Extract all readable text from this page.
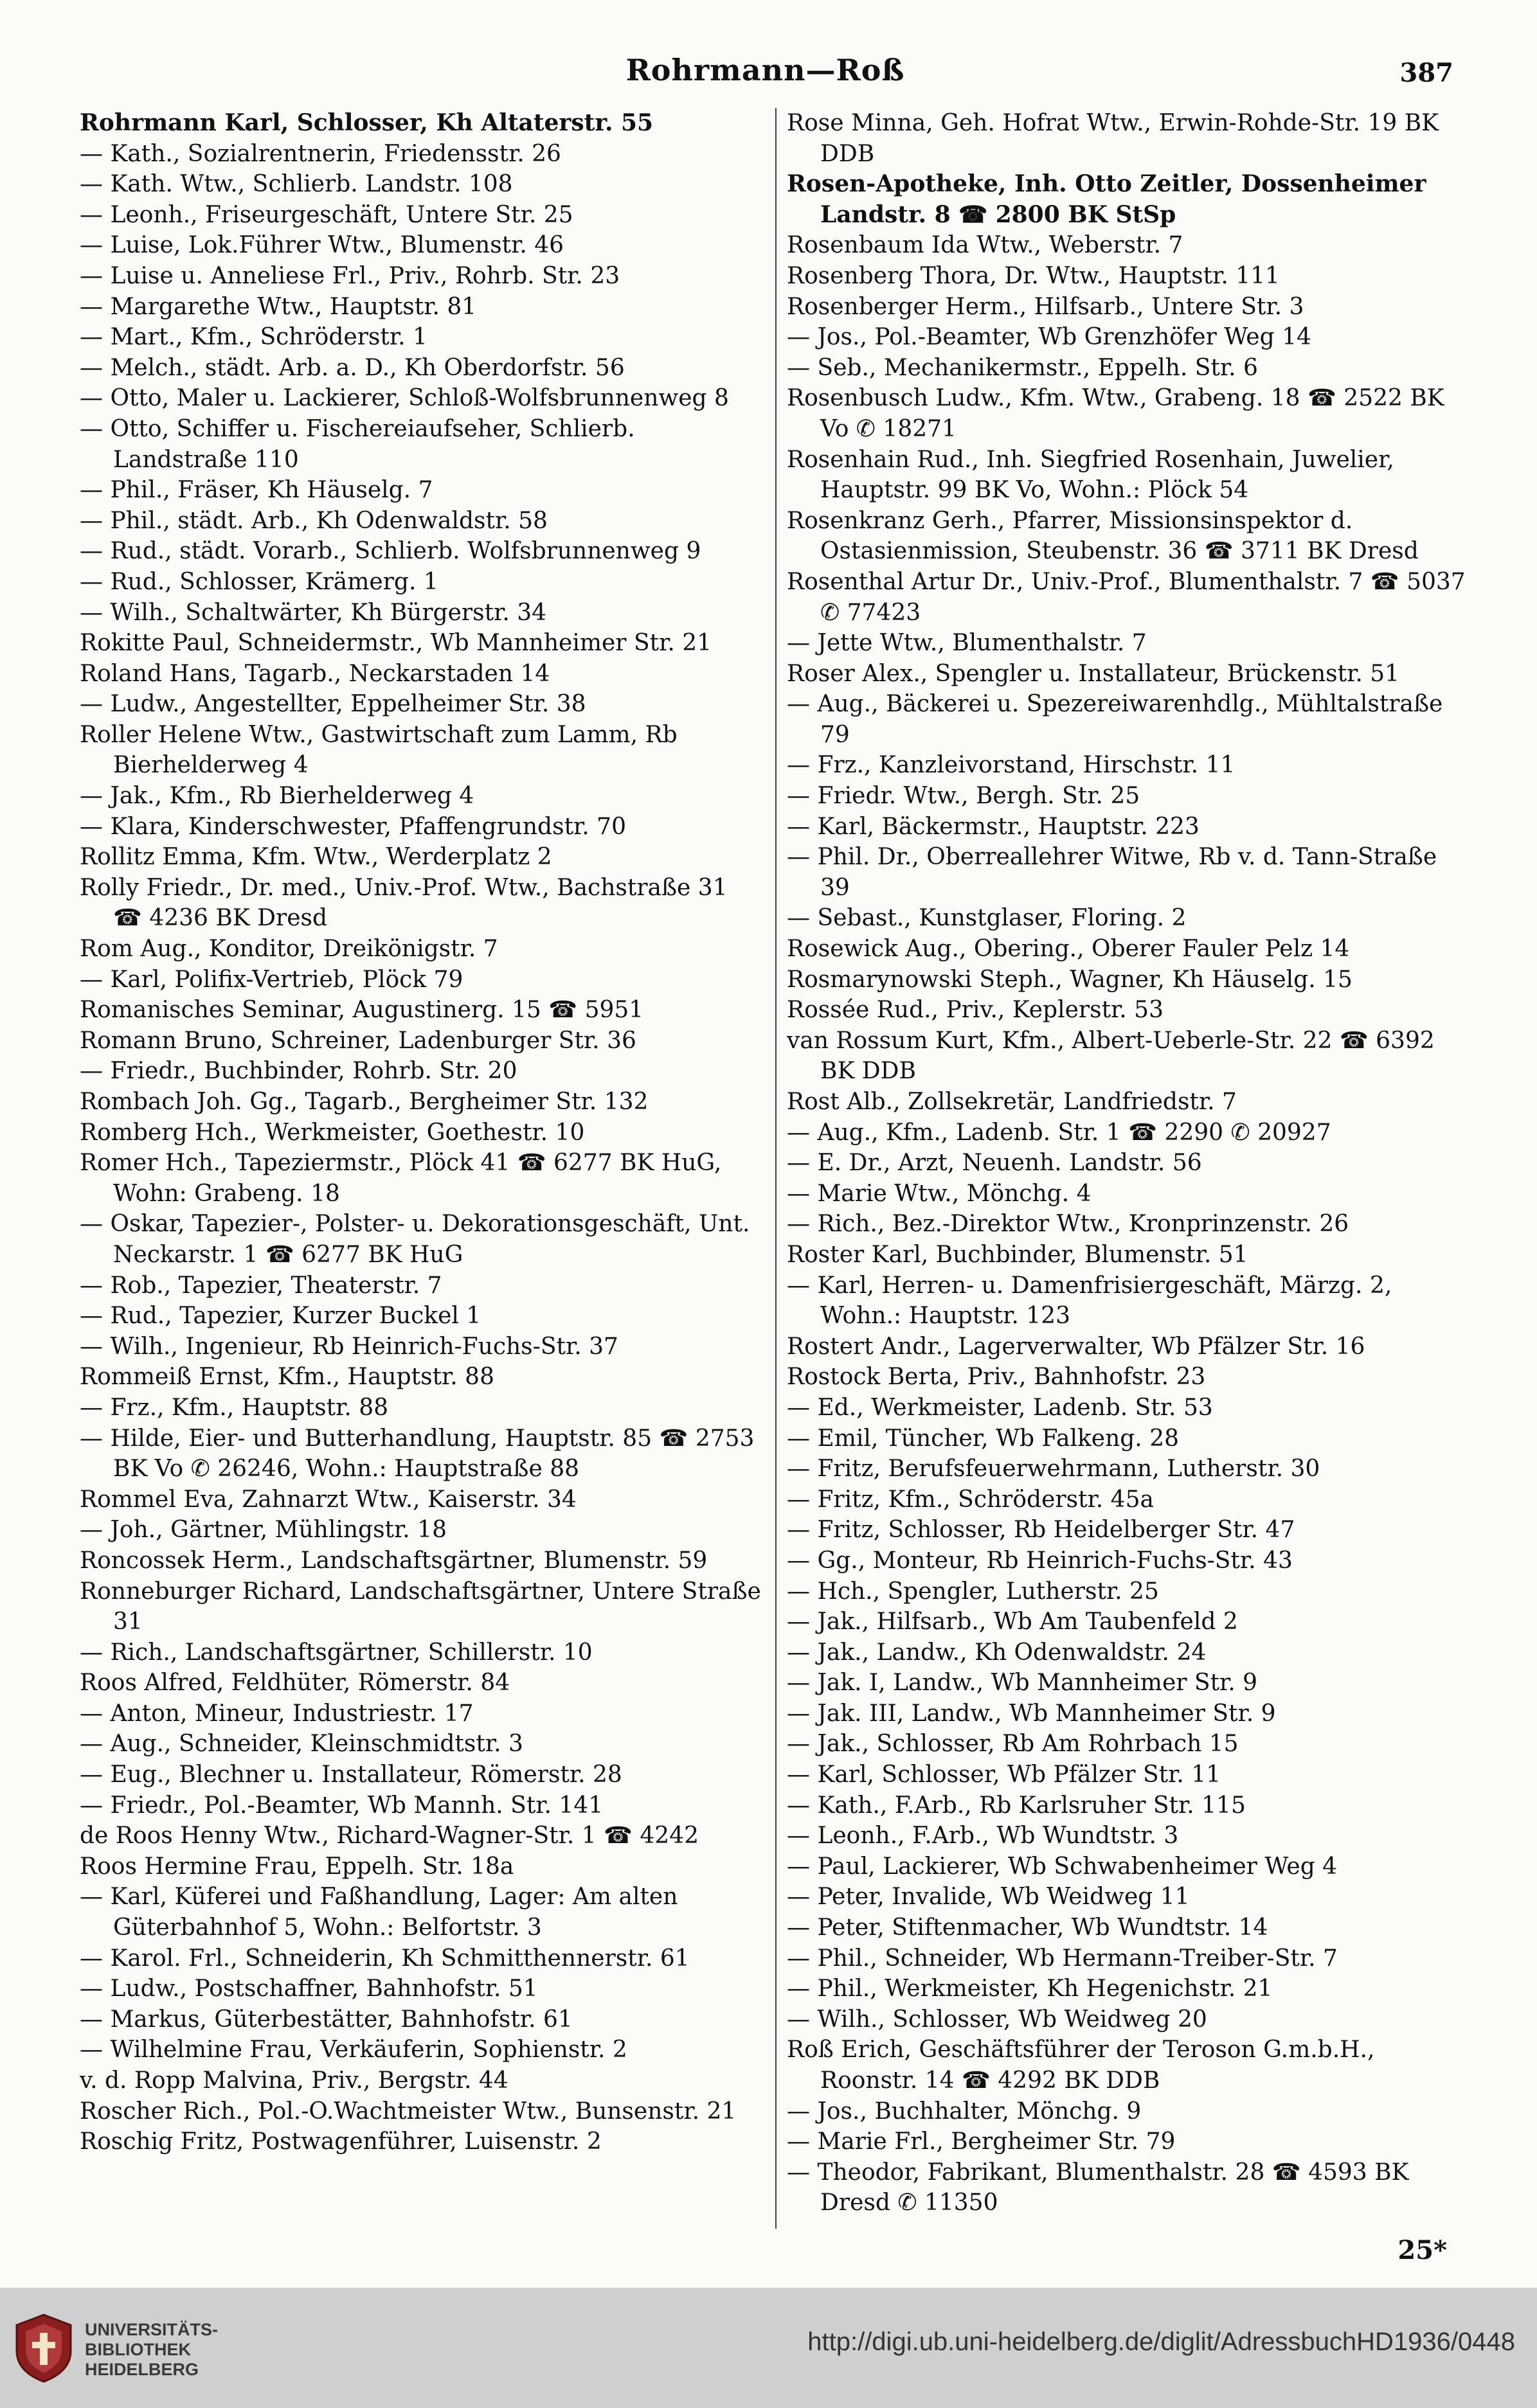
Rohrmann—Roß	387

Rohrmann Karl, Schlosser, Kh Altaterstr. 55

— Kath., Sozialrentnerin, Friedensstr. 26

— Kath. Wtw., Schlierb. Landstr. 108

— Leonh., Friseurgeschäft, Untere Str. 25

— Luise, Lok.Führer Wtw., Blumenstr. 46

— Luise u. Anneliese Frl., Priv., Rohrb. Str. 23

— Margarethe Wtw., Hauptstr. 81

— Mart., Kfm., Schröderstr. 1

— Melch., städt. Arb. a. D., Kh Oberdorfstr. 56

— Otto, Maler u. Lackierer, Schloß-Wolfsbrunnenweg 8

— Otto, Schiffer u. Fischereiaufseher, Schlierb. Landstraße 110

— Phil., Fräser, Kh Häuselg. 7

— Phil., städt. Arb., Kh Odenwaldstr. 58

— Rud., städt. Vorarb., Schlierb. Wolfsbrunnenweg 9

— Rud., Schlosser, Krämerg. 1

— Wilh., Schaltwärter, Kh Bürgerstr. 34

Rokitte Paul, Schneidermstr., Wb Mannheimer Str. 21

Roland Hans, Tagarb., Neckarstaden 14

— Ludw., Angestellter, Eppelheimer Str. 38

Roller Helene Wtw., Gastwirtschaft zum Lamm, Rb Bierhelderweg 4

— Jak., Kfm., Rb Bierhelderweg 4

— Klara, Kinderschwester, Pfaffengrundstr. 70

Rollitz Emma, Kfm. Wtw., Werderplatz 2

Rolly Friedr., Dr. med., Univ.-Prof. Wtw., Bachstraße 31 ☎ 4236 BK Dresd

Rom Aug., Konditor, Dreikönigstr. 7

— Karl, Polifix-Vertrieb, Plöck 79

Romanisches Seminar, Augustinerg. 15 ☎ 5951

Romann Bruno, Schreiner, Ladenburger Str. 36

— Friedr., Buchbinder, Rohrb. Str. 20

Rombach Joh. Gg., Tagarb., Bergheimer Str. 132

Romberg Hch., Werkmeister, Goethestr. 10

Romer Hch., Tapeziermstr., Plöck 41 ☎ 6277 BK HuG, Wohn: Grabeng. 18

— Oskar, Tapezier-, Polster- u. Dekorationsgeschäft, Unt. Neckarstr. 1 ☎ 6277 BK HuG

— Rob., Tapezier, Theaterstr. 7

— Rud., Tapezier, Kurzer Buckel 1

— Wilh., Ingenieur, Rb Heinrich-Fuchs-Str. 37

Rommeiß Ernst, Kfm., Hauptstr. 88

— Frz., Kfm., Hauptstr. 88

— Hilde, Eier- und Butterhandlung, Hauptstr. 85 ☎ 2753 BK Vo ✆ 26246, Wohn.: Hauptstraße 88

Rommel Eva, Zahnarzt Wtw., Kaiserstr. 34

— Joh., Gärtner, Mühlingstr. 18

Roncossek Herm., Landschaftsgärtner, Blumenstr. 59

Ronneburger Richard, Landschaftsgärtner, Untere Straße 31

— Rich., Landschaftsgärtner, Schillerstr. 10

Roos Alfred, Feldhüter, Römerstr. 84

— Anton, Mineur, Industriestr. 17

— Aug., Schneider, Kleinschmidtstr. 3

— Eug., Blechner u. Installateur, Römerstr. 28

— Friedr., Pol.-Beamter, Wb Mannh. Str. 141

de Roos Henny Wtw., Richard-Wagner-Str. 1 ☎ 4242

Roos Hermine Frau, Eppelh. Str. 18a

— Karl, Küferei und Faßhandlung, Lager: Am alten Güterbahnhof 5, Wohn.: Belfortstr. 3

— Karol. Frl., Schneiderin, Kh Schmitthennerstr. 61

— Ludw., Postschaffner, Bahnhofstr. 51

— Markus, Güterbestätter, Bahnhofstr. 61

— Wilhelmine Frau, Verkäuferin, Sophienstr. 2

v. d. Ropp Malvina, Priv., Bergstr. 44

Roscher Rich., Pol.-O.Wachtmeister Wtw., Bunsenstr. 21

Roschig Fritz, Postwagenführer, Luisenstr. 2

Rose Minna, Geh. Hofrat Wtw., Erwin-Rohde-Str. 19 BK DDB

Rosen-Apotheke, Inh. Otto Zeitler, Dossenheimer Landstr. 8 ☎ 2800 BK StSp

Rosenbaum Ida Wtw., Weberstr. 7

Rosenberg Thora, Dr. Wtw., Hauptstr. 111

Rosenberger Herm., Hilfsarb., Untere Str. 3

— Jos., Pol.-Beamter, Wb Grenzhöfer Weg 14

— Seb., Mechanikermstr., Eppelh. Str. 6

Rosenbusch Ludw., Kfm. Wtw., Grabeng. 18 ☎ 2522 BK Vo ✆ 18271

Rosenhain Rud., Inh. Siegfried Rosenhain, Juwelier, Hauptstr. 99 BK Vo, Wohn.: Plöck 54

Rosenkranz Gerh., Pfarrer, Missionsinspektor d. Ostasienmission, Steubenstr. 36 ☎ 3711 BK Dresd

Rosenthal Artur Dr., Univ.-Prof., Blumenthalstr. 7 ☎ 5037 ✆ 77423

— Jette Wtw., Blumenthalstr. 7

Roser Alex., Spengler u. Installateur, Brückenstr. 51

— Aug., Bäckerei u. Spezereiwarenhdlg., Mühltalstraße 79

— Frz., Kanzleivorstand, Hirschstr. 11

— Friedr. Wtw., Bergh. Str. 25

— Karl, Bäckermstr., Hauptstr. 223

— Phil. Dr., Oberreallehrer Witwe, Rb v. d. Tann-Straße 39

— Sebast., Kunstglaser, Floring. 2

Rosewick Aug., Obering., Oberer Fauler Pelz 14

Rosmarynowski Steph., Wagner, Kh Häuselg. 15

Rossée Rud., Priv., Keplerstr. 53

van Rossum Kurt, Kfm., Albert-Ueberle-Str. 22 ☎ 6392 BK DDB

Rost Alb., Zollsekretär, Landfriedstr. 7

— Aug., Kfm., Ladenb. Str. 1 ☎ 2290 ✆ 20927

— E. Dr., Arzt, Neuenh. Landstr. 56

— Marie Wtw., Mönchg. 4

— Rich., Bez.-Direktor Wtw., Kronprinzenstr. 26

Roster Karl, Buchbinder, Blumenstr. 51

— Karl, Herren- u. Damenfrisiergeschäft, Märzg. 2, Wohn.: Hauptstr. 123

Rostert Andr., Lagerverwalter, Wb Pfälzer Str. 16

Rostock Berta, Priv., Bahnhofstr. 23

— Ed., Werkmeister, Ladenb. Str. 53

— Emil, Tüncher, Wb Falkeng. 28

— Fritz, Berufsfeuerwehrmann, Lutherstr. 30

— Fritz, Kfm., Schröderstr. 45a

— Fritz, Schlosser, Rb Heidelberger Str. 47

— Gg., Monteur, Rb Heinrich-Fuchs-Str. 43

— Hch., Spengler, Lutherstr. 25

— Jak., Hilfsarb., Wb Am Taubenfeld 2

— Jak., Landw., Kh Odenwaldstr. 24

— Jak. I, Landw., Wb Mannheimer Str. 9

— Jak. III, Landw., Wb Mannheimer Str. 9

— Jak., Schlosser, Rb Am Rohrbach 15

— Karl, Schlosser, Wb Pfälzer Str. 11

— Kath., F.Arb., Rb Karlsruher Str. 115

— Leonh., F.Arb., Wb Wundtstr. 3

— Paul, Lackierer, Wb Schwabenheimer Weg 4

— Peter, Invalide, Wb Weidweg 11

— Peter, Stiftenmacher, Wb Wundtstr. 14

— Phil., Schneider, Wb Hermann-Treiber-Str. 7

— Phil., Werkmeister, Kh Hegenichstr. 21

— Wilh., Schlosser, Wb Weidweg 20

Roß Erich, Geschäftsführer der Teroson G.m.b.H., Roonstr. 14 ☎ 4292 BK DDB

— Jos., Buchhalter, Mönchg. 9

— Marie Frl., Bergheimer Str. 79

— Theodor, Fabrikant, Blumenthalstr. 28 ☎ 4593 BK Dresd ✆ 11350

25*
UNIVERSITÄTS-
BIBLIOTHEK
HEIDELBERG
http://digi.ub.uni-heidelberg.de/diglit/AdressbuchHD1936/0448
